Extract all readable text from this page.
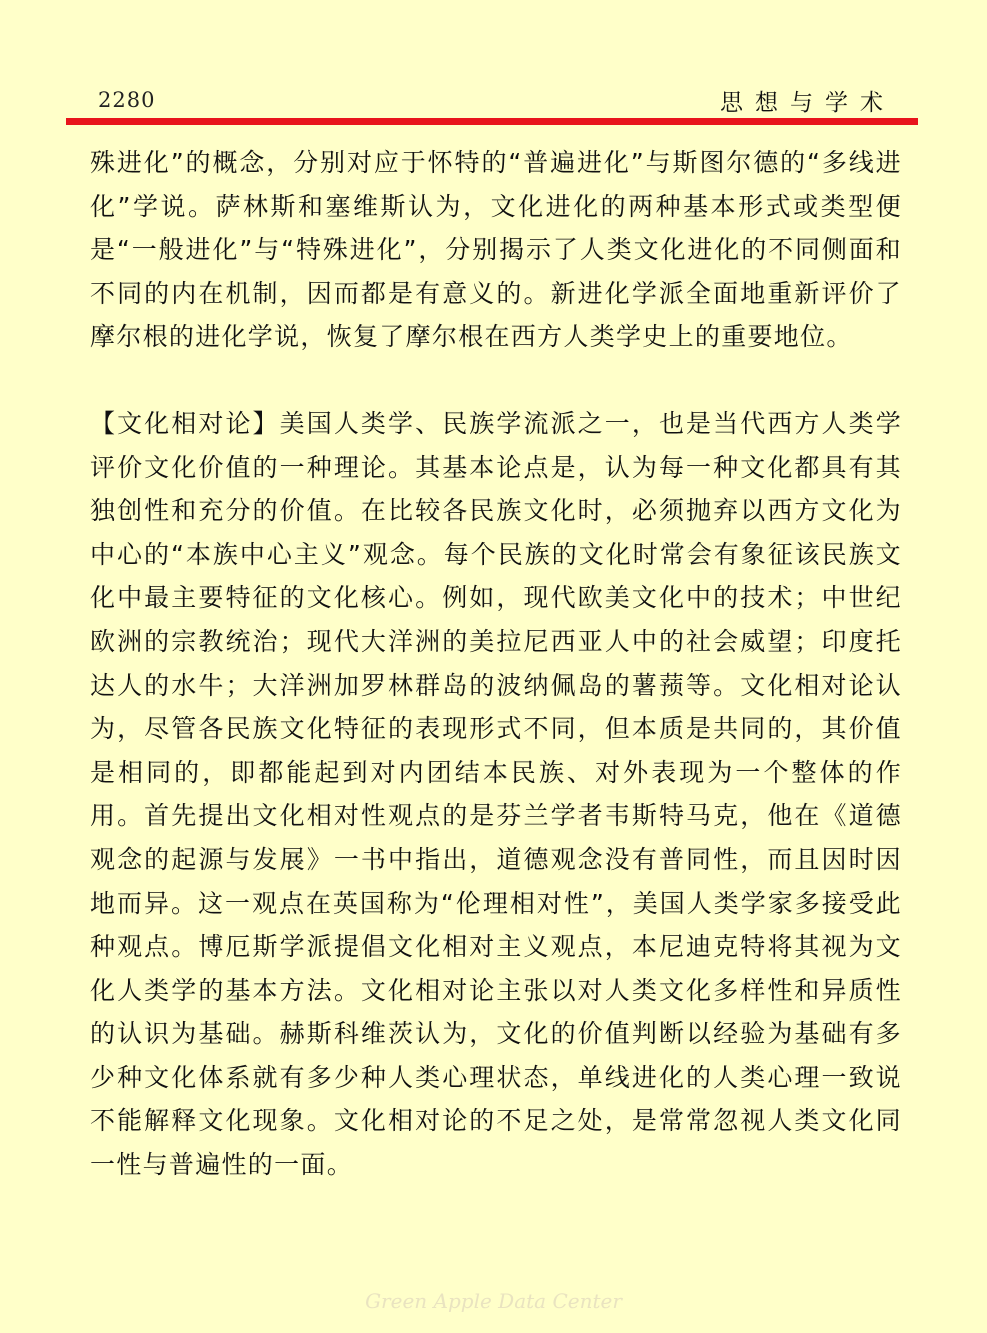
2280	思想与学术

殊进化”的概念，分别对应于怀特的“普遍进化”与斯图尔德的“多线进化”学说。萨林斯和塞维斯认为，文化进化的两种基本形式或类型便是“一般进化”与“特殊进化”，分别揭示了人类文化进化的不同侧面和不同的内在机制，因而都是有意义的。新进化学派全面地重新评价了摩尔根的进化学说，恢复了摩尔根在西方人类学史上的重要地位。

【文化相对论】美国人类学、民族学流派之一，也是当代西方人类学评价文化价值的一种理论。其基本论点是，认为每一种文化都具有其独创性和充分的价值。在比较各民族文化时，必须抛弃以西方文化为中心的“本族中心主义”观念。每个民族的文化时常会有象征该民族文化中最主要特征的文化核心。例如，现代欧美文化中的技术；中世纪欧洲的宗教统治；现代大洋洲的美拉尼西亚人中的社会威望；印度托达人的水牛；大洋洲加罗林群岛的波纳佩岛的薯蓣等。文化相对论认为，尽管各民族文化特征的表现形式不同，但本质是共同的，其价值是相同的，即都能起到对内团结本民族、对外表现为一个整体的作用。首先提出文化相对性观点的是芬兰学者韦斯特马克，他在《道德观念的起源与发展》一书中指出，道德观念没有普同性，而且因时因地而异。这一观点在英国称为“伦理相对性”，美国人类学家多接受此种观点。博厄斯学派提倡文化相对主义观点，本尼迪克特将其视为文化人类学的基本方法。文化相对论主张以对人类文化多样性和异质性的认识为基础。赫斯科维茨认为，文化的价值判断以经验为基础有多少种文化体系就有多少种人类心理状态，单线进化的人类心理一致说不能解释文化现象。文化相对论的不足之处，是常常忽视人类文化同一性与普遍性的一面。

Green Apple Data Center
